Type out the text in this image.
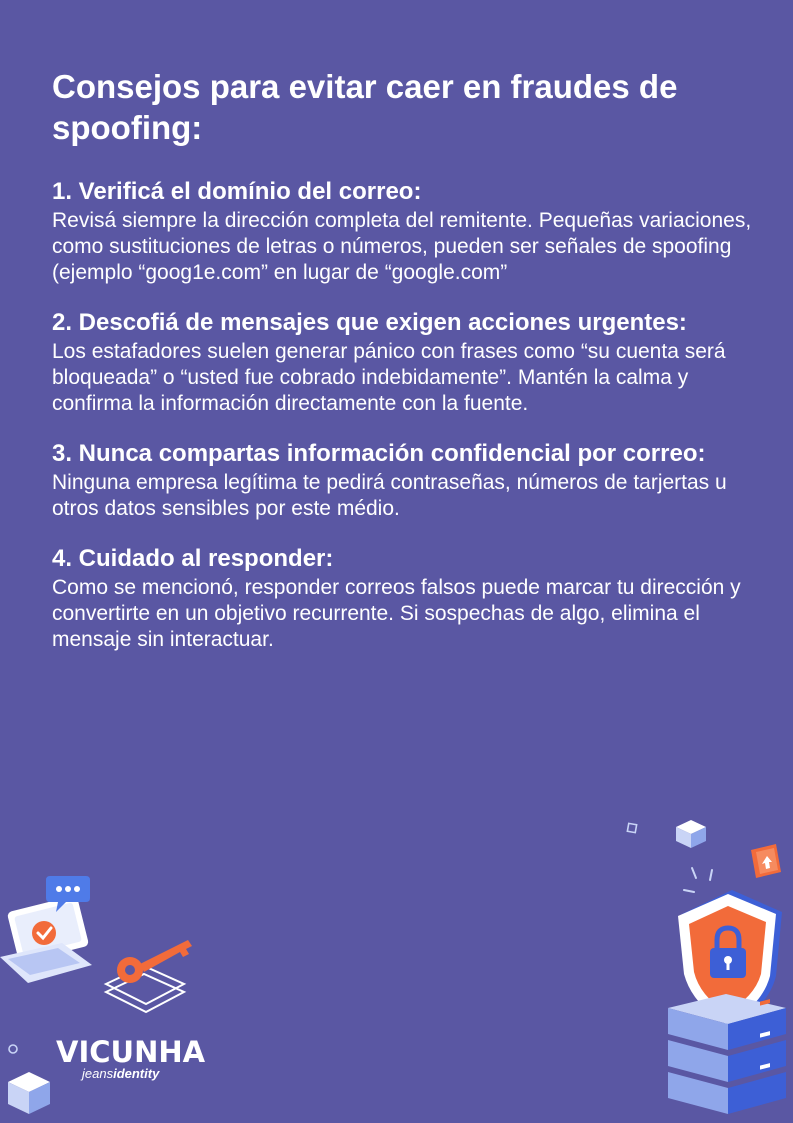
Consejos para evitar caer en fraudes de spoofing:

1. Verificá el domínio del correo:

Revisá siempre la dirección completa del remitente. Pequeñas variaciones, como sustituciones de letras o números, pueden ser señales de spoofing (ejemplo “goog1e.com” en lugar de “google.com”

2. Descofiá de mensajes que exigen acciones urgentes:

Los estafadores suelen generar pánico con frases como “su cuenta será bloqueada” o “usted fue cobrado indebidamente”. Mantén la calma y confirma la información directamente con la fuente.

3. Nunca compartas información confidencial por correo:

Ninguna empresa legítima te pedirá contraseñas, números de tarjertas u otros datos sensibles por este médio.

4. Cuidado al responder:

Como se mencionó, responder correos falsos puede marcar tu dirección y convertirte en un objetivo recurrente. Si sospechas de algo, elimina el mensaje sin interactuar.

VICUNHA
jeansidentity
